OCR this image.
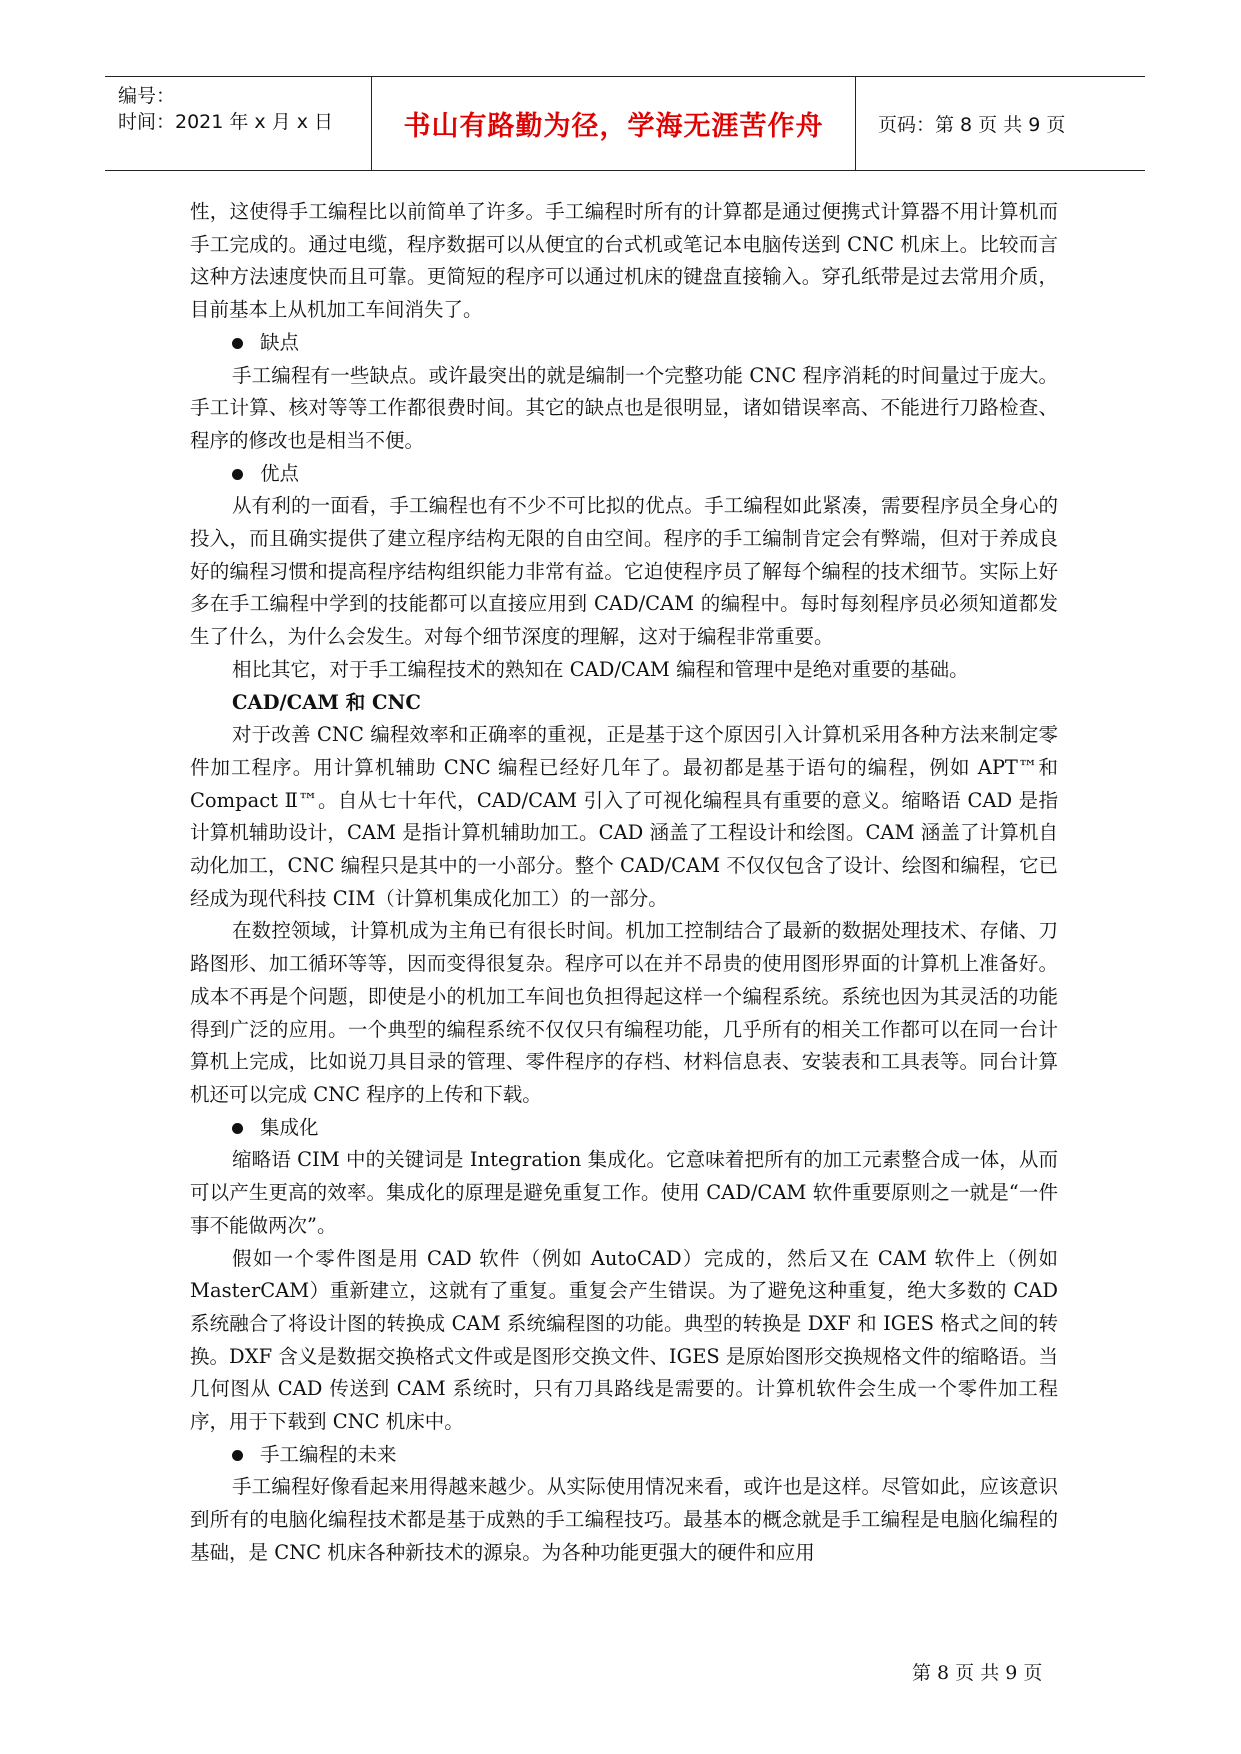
编号：
时间：2021 年 x 月 x 日	书山有路勤为径，学海无涯苦作舟	页码：第 8 页 共 9 页

性，这使得手工编程比以前简单了许多。手工编程时所有的计算都是通过便携式计算器不用计算机而手工完成的。通过电缆，程序数据可以从便宜的台式机或笔记本电脑传送到 CNC 机床上。比较而言这种方法速度快而且可靠。更简短的程序可以通过机床的键盘直接输入。穿孔纸带是过去常用介质，目前基本上从机加工车间消失了。

缺点

手工编程有一些缺点。或许最突出的就是编制一个完整功能 CNC 程序消耗的时间量过于庞大。手工计算、核对等等工作都很费时间。其它的缺点也是很明显，诸如错误率高、不能进行刀路检查、程序的修改也是相当不便。

优点

从有利的一面看，手工编程也有不少不可比拟的优点。手工编程如此紧凑，需要程序员全身心的投入，而且确实提供了建立程序结构无限的自由空间。程序的手工编制肯定会有弊端，但对于养成良好的编程习惯和提高程序结构组织能力非常有益。它迫使程序员了解每个编程的技术细节。实际上好多在手工编程中学到的技能都可以直接应用到 CAD/CAM 的编程中。每时每刻程序员必须知道都发生了什么，为什么会发生。对每个细节深度的理解，这对于编程非常重要。

相比其它，对于手工编程技术的熟知在 CAD/CAM 编程和管理中是绝对重要的基础。

CAD/CAM 和 CNC

对于改善 CNC 编程效率和正确率的重视，正是基于这个原因引入计算机采用各种方法来制定零件加工程序。用计算机辅助 CNC 编程已经好几年了。最初都是基于语句的编程，例如 APT™和 Compact Ⅱ™。自从七十年代，CAD/CAM 引入了可视化编程具有重要的意义。缩略语 CAD 是指计算机辅助设计，CAM 是指计算机辅助加工。CAD 涵盖了工程设计和绘图。CAM 涵盖了计算机自动化加工，CNC 编程只是其中的一小部分。整个 CAD/CAM 不仅仅包含了设计、绘图和编程，它已经成为现代科技 CIM（计算机集成化加工）的一部分。

在数控领域，计算机成为主角已有很长时间。机加工控制结合了最新的数据处理技术、存储、刀路图形、加工循环等等，因而变得很复杂。程序可以在并不昂贵的使用图形界面的计算机上准备好。成本不再是个问题，即使是小的机加工车间也负担得起这样一个编程系统。系统也因为其灵活的功能得到广泛的应用。一个典型的编程系统不仅仅只有编程功能，几乎所有的相关工作都可以在同一台计算机上完成，比如说刀具目录的管理、零件程序的存档、材料信息表、安装表和工具表等。同台计算机还可以完成 CNC 程序的上传和下载。

集成化

缩略语 CIM 中的关键词是 Integration 集成化。它意味着把所有的加工元素整合成一体，从而可以产生更高的效率。集成化的原理是避免重复工作。使用 CAD/CAM 软件重要原则之一就是“一件事不能做两次”。

假如一个零件图是用 CAD 软件（例如 AutoCAD）完成的，然后又在 CAM 软件上（例如 MasterCAM）重新建立，这就有了重复。重复会产生错误。为了避免这种重复，绝大多数的 CAD 系统融合了将设计图的转换成 CAM 系统编程图的功能。典型的转换是 DXF 和 IGES 格式之间的转换。DXF 含义是数据交换格式文件或是图形交换文件、IGES 是原始图形交换规格文件的缩略语。当几何图从 CAD 传送到 CAM 系统时，只有刀具路线是需要的。计算机软件会生成一个零件加工程序，用于下载到 CNC 机床中。

手工编程的未来

手工编程好像看起来用得越来越少。从实际使用情况来看，或许也是这样。尽管如此，应该意识到所有的电脑化编程技术都是基于成熟的手工编程技巧。最基本的概念就是手工编程是电脑化编程的基础，是 CNC 机床各种新技术的源泉。为各种功能更强大的硬件和应用

第 8 页 共 9 页
